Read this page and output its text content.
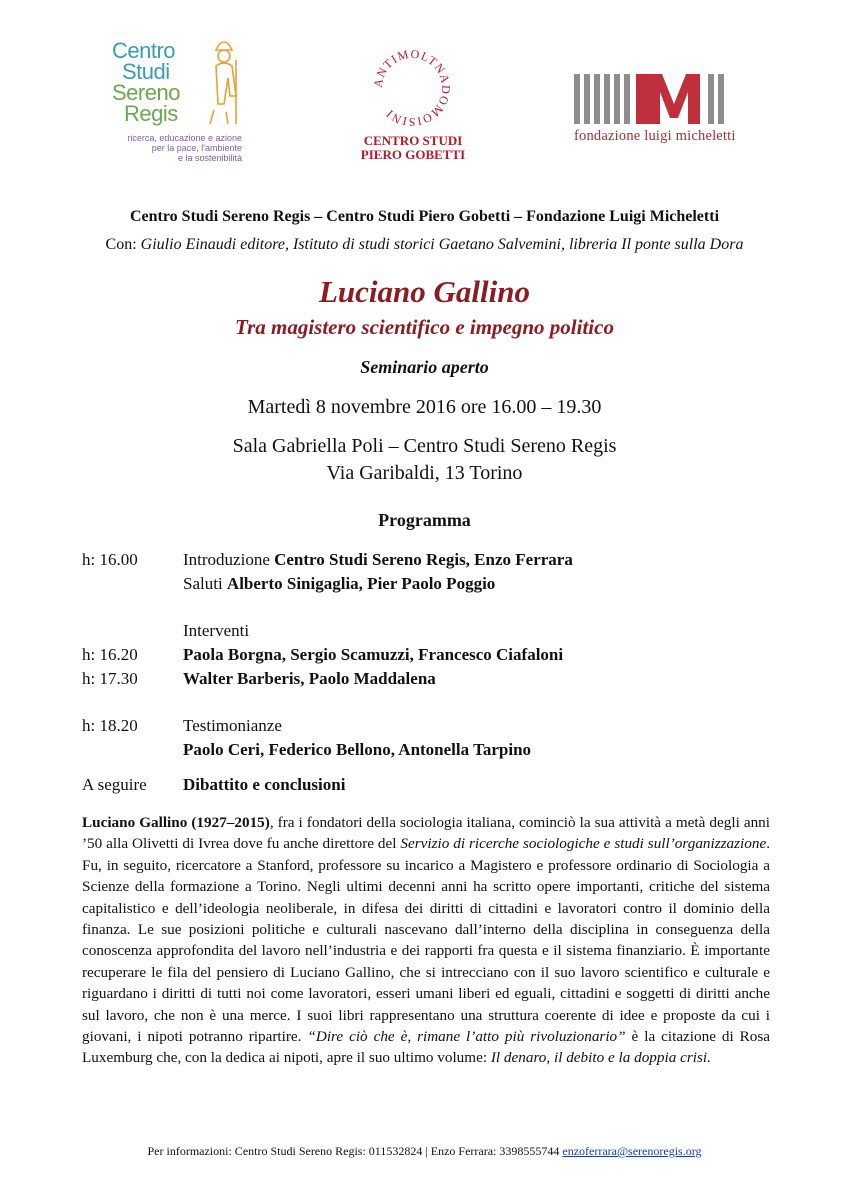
Centro
Studi
Sereno
Regis
ricerca, educazione e azione
per la pace, l'ambiente
e la sostenibilità
ANTIMOLTNADOMOISINI
CENTRO STUDI
PIERO GOBETTI
fondazione luigi micheletti
Centro Studi Sereno Regis – Centro Studi Piero Gobetti – Fondazione Luigi Micheletti
Con: Giulio Einaudi editore, Istituto di studi storici Gaetano Salvemini, libreria Il ponte sulla Dora
Luciano Gallino
Tra magistero scientifico e impegno politico
Seminario aperto
Martedì 8 novembre 2016 ore 16.00 – 19.30
Sala Gabriella Poli – Centro Studi Sereno Regis
Via Garibaldi, 13 Torino
Programma
h: 16.00	Introduzione Centro Studi Sereno Regis, Enzo Ferrara
Saluti Alberto Sinigaglia, Pier Paolo Poggio
Interventi
h: 16.20	Paola Borgna, Sergio Scamuzzi, Francesco Ciafaloni
h: 17.30	Walter Barberis, Paolo Maddalena
h: 18.20	Testimonianze
Paolo Ceri, Federico Bellono, Antonella Tarpino
A seguire Dibattito e conclusioni
Luciano Gallino (1927–2015), fra i fondatori della sociologia italiana, cominciò la sua attività a metà degli anni ’50 alla Olivetti di Ivrea dove fu anche direttore del Servizio di ricerche sociologiche e studi sull’organizzazione. Fu, in seguito, ricercatore a Stanford, professore su incarico a Magistero e professore ordinario di Sociologia a Scienze della formazione a Torino. Negli ultimi decenni anni ha scritto opere importanti, critiche del sistema capitalistico e dell’ideologia neoliberale, in difesa dei diritti di cittadini e lavoratori contro il dominio della finanza. Le sue posizioni politiche e culturali nascevano dall’interno della disciplina in conseguenza della conoscenza approfondita del lavoro nell’industria e dei rapporti fra questa e il sistema finanziario. È importante recuperare le fila del pensiero di Luciano Gallino, che si intrecciano con il suo lavoro scientifico e culturale e riguardano i diritti di tutti noi come lavoratori, esseri umani liberi ed eguali, cittadini e soggetti di diritti anche sul lavoro, che non è una merce. I suoi libri rappresentano una struttura coerente di idee e proposte da cui i giovani, i nipoti potranno ripartire. “Dire ciò che è, rimane l’atto più rivoluzionario” è la citazione di Rosa Luxemburg che, con la dedica ai nipoti, apre il suo ultimo volume: Il denaro, il debito e la doppia crisi.
Per informazioni: Centro Studi Sereno Regis: 011532824 | Enzo Ferrara: 3398555744 enzoferrara@serenoregis.org
